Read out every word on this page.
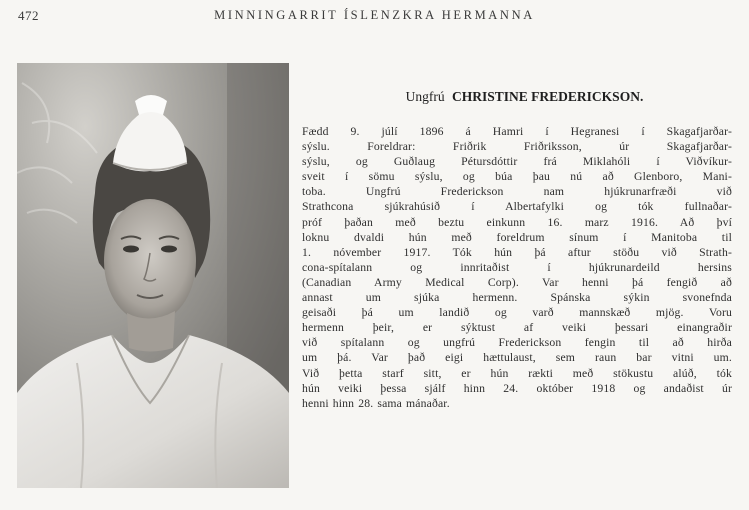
472	MINNINGARRIT ÍSLENZKRA HERMANNA
Ungfrú CHRISTINE FREDERICKSON.
Fædd 9. júlí 1896 á Hamri í Hegranesi í Skagafjarðar-
sýslu. Foreldrar: Friðrik Friðriksson, úr Skagafjarðar-
sýslu, og Guðlaug Pétursdóttir frá Miklahóli í Viðvíkur-
sveit í sömu sýslu, og búa þau nú að Glenboro, Mani-
toba. Ungfrú Frederickson nam hjúkrunarfræði við
Strathcona sjúkrahúsið í Albertafylki og tók fullnaðar-
próf þaðan með beztu einkunn 16. marz 1916. Að því
loknu dvaldi hún með foreldrum sínum í Manitoba til
1. nóvember 1917. Tók hún þá aftur stöðu við Strath-
cona-spítalann og innritaðist í hjúkrunardeild hersins
(Canadian Army Medical Corp). Var henni þá fengið að
annast um sjúka hermenn. Spánska sýkin svonefnda
geisaði þá um landið og varð mannskæð mjög. Voru
hermenn þeir, er sýktust af veiki þessari einangraðir
við spítalann og ungfrú Frederickson fengin til að hirða
um þá. Var það eigi hættulaust, sem raun bar vitni um.
Við þetta starf sitt, er hún rækti með stökustu alúð, tók
hún veiki þessa sjálf hinn 24. október 1918 og andaðist úr
henni hinn 28. sama mánaðar.
